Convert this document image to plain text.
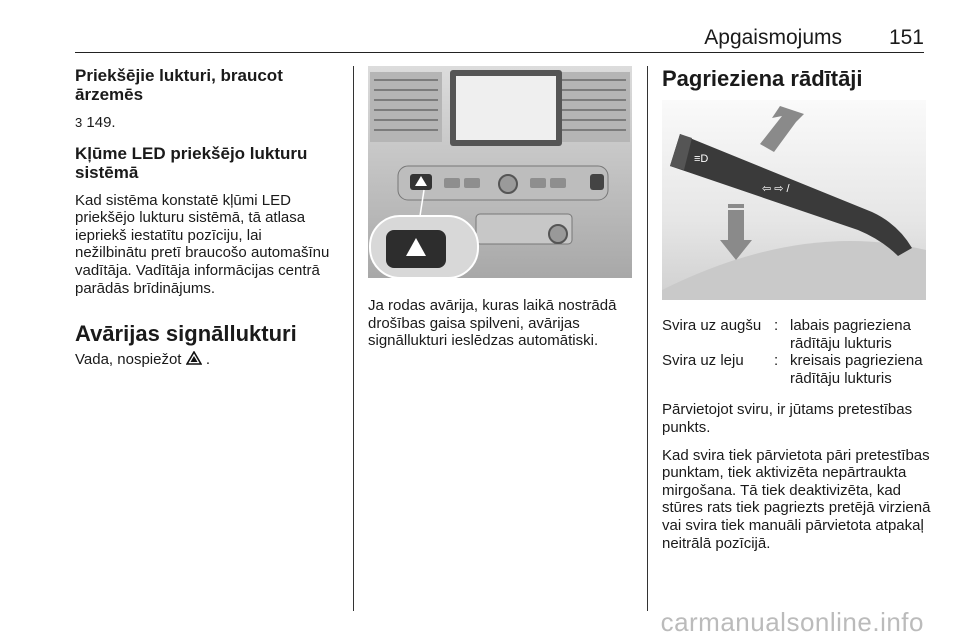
Apgaismojums 151
Priekšējie lukturi, braucot ārzemēs

3 149.

Kļūme LED priekšējo lukturu sistēmā

Kad sistēma konstatē kļūmi LED priekšējo lukturu sistēmā, tā atlasa iepriekš iestatītu pozīciju, lai nežilbinātu pretī braucošo automašīnu vadītāja. Vadītāja informācijas centrā parādās brīdinājums.

Avārijas signāllukturi

Vada, nospiežot .

Ja rodas avārija, kuras laikā nostrādā drošības gaisa spilveni, avārijas signāllukturi ieslēdzas automātiski.

Pagrieziena rādītāji
≡D
⇦ ⇨ /
Svira uz augšu : labais pagrieziena rādītāju lukturis
Svira uz leju	: kreisais pagrieziena rādītāju lukturis

Pārvietojot sviru, ir jūtams pretestības punkts.

Kad svira tiek pārvietota pāri pretestības punktam, tiek aktivizēta nepārtraukta mirgošana. Tā tiek deaktivizēta, kad stūres rats tiek pagriezts pretējā virzienā vai svira tiek manuāli pārvietota atpakaļ neitrālā pozīcijā.

carmanualsonline.info
